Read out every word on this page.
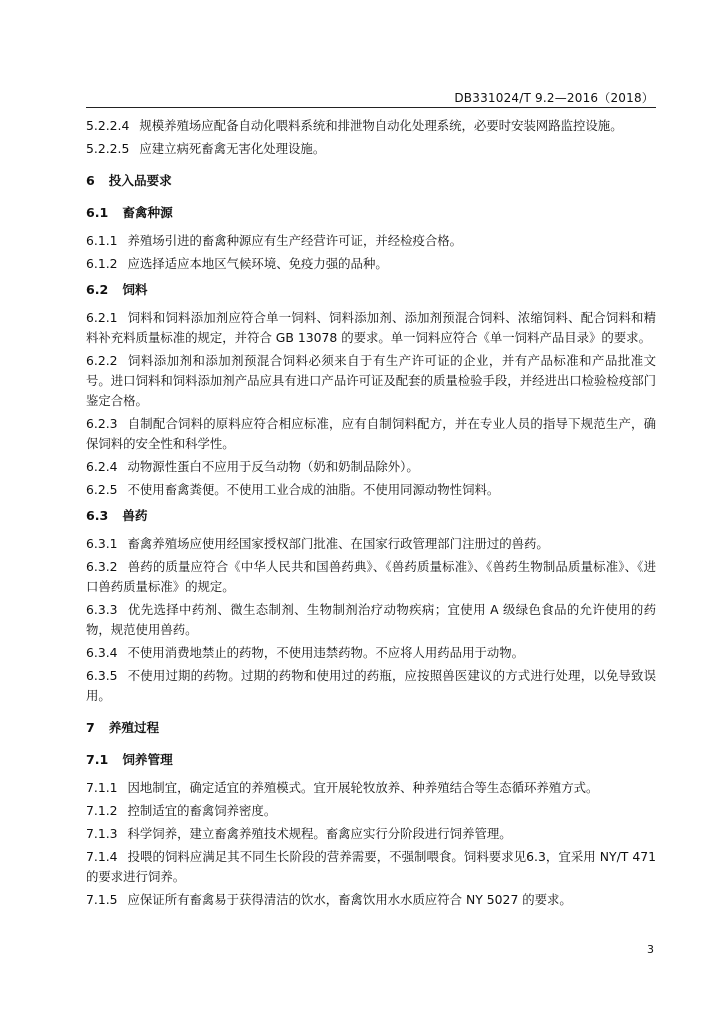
DB331024/T 9.2—2016（2018）

5.2.2.4 规模养殖场应配备自动化喂料系统和排泄物自动化处理系统，必要时安装网路监控设施。

5.2.2.5 应建立病死畜禽无害化处理设施。

6 投入品要求

6.1 畜禽种源

6.1.1 养殖场引进的畜禽种源应有生产经营许可证，并经检疫合格。

6.1.2 应选择适应本地区气候环境、免疫力强的品种。

6.2 饲料

6.2.1 饲料和饲料添加剂应符合单一饲料、饲料添加剂、添加剂预混合饲料、浓缩饲料、配合饲料和精料补充料质量标准的规定，并符合 GB 13078 的要求。单一饲料应符合《单一饲料产品目录》的要求。

6.2.2 饲料添加剂和添加剂预混合饲料必须来自于有生产许可证的企业，并有产品标准和产品批准文号。进口饲料和饲料添加剂产品应具有进口产品许可证及配套的质量检验手段，并经进出口检验检疫部门鉴定合格。

6.2.3 自制配合饲料的原料应符合相应标准，应有自制饲料配方，并在专业人员的指导下规范生产，确保饲料的安全性和科学性。

6.2.4 动物源性蛋白不应用于反刍动物（奶和奶制品除外）。

6.2.5 不使用畜禽粪便。不使用工业合成的油脂。不使用同源动物性饲料。

6.3 兽药

6.3.1 畜禽养殖场应使用经国家授权部门批准、在国家行政管理部门注册过的兽药。

6.3.2 兽药的质量应符合《中华人民共和国兽药典》、《兽药质量标准》、《兽药生物制品质量标准》、《进口兽药质量标准》的规定。

6.3.3 优先选择中药剂、微生态制剂、生物制剂治疗动物疾病；宜使用 A 级绿色食品的允许使用的药物，规范使用兽药。

6.3.4 不使用消费地禁止的药物，不使用违禁药物。不应将人用药品用于动物。

6.3.5 不使用过期的药物。过期的药物和使用过的药瓶，应按照兽医建议的方式进行处理，以免导致误用。

7 养殖过程

7.1 饲养管理

7.1.1 因地制宜，确定适宜的养殖模式。宜开展轮牧放养、种养殖结合等生态循环养殖方式。

7.1.2 控制适宜的畜禽饲养密度。

7.1.3 科学饲养，建立畜禽养殖技术规程。畜禽应实行分阶段进行饲养管理。

7.1.4 投喂的饲料应满足其不同生长阶段的营养需要，不强制喂食。饲料要求见6.3，宜采用 NY/T 471 的要求进行饲养。

7.1.5 应保证所有畜禽易于获得清洁的饮水，畜禽饮用水水质应符合 NY 5027 的要求。

3
